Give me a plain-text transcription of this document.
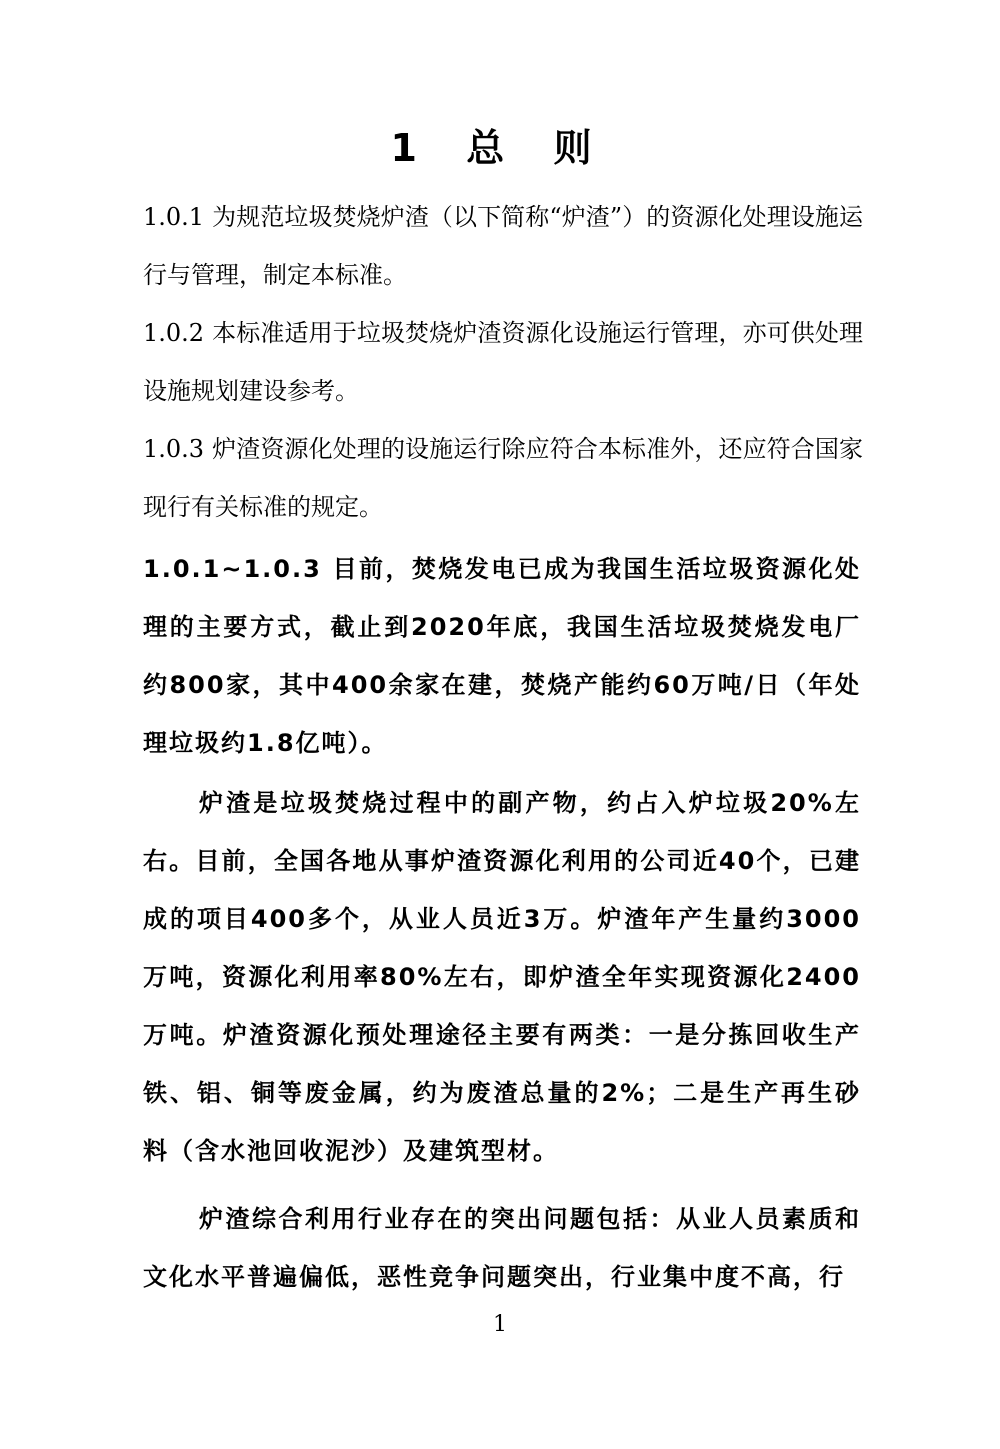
1 总 则

1.0.1 为规范垃圾焚烧炉渣（以下简称“炉渣”）的资源化处理设施运行与管理，制定本标准。

1.0.2 本标准适用于垃圾焚烧炉渣资源化设施运行管理，亦可供处理设施规划建设参考。

1.0.3 炉渣资源化处理的设施运行除应符合本标准外，还应符合国家现行有关标准的规定。

1.0.1~1.0.3 目前，焚烧发电已成为我国生活垃圾资源化处理的主要方式，截止到2020年底，我国生活垃圾焚烧发电厂约800家，其中400余家在建，焚烧产能约60万吨/日（年处理垃圾约1.8亿吨）。

炉渣是垃圾焚烧过程中的副产物，约占入炉垃圾20%左右。目前，全国各地从事炉渣资源化利用的公司近40个，已建成的项目400多个，从业人员近3万。炉渣年产生量约3000万吨，资源化利用率80%左右，即炉渣全年实现资源化2400万吨。炉渣资源化预处理途径主要有两类：一是分拣回收生产铁、铝、铜等废金属，约为废渣总量的2%；二是生产再生砂料（含水池回收泥沙）及建筑型材。

炉渣综合利用行业存在的突出问题包括：从业人员素质和文化水平普遍偏低，恶性竞争问题突出，行业集中度不高，行

1
